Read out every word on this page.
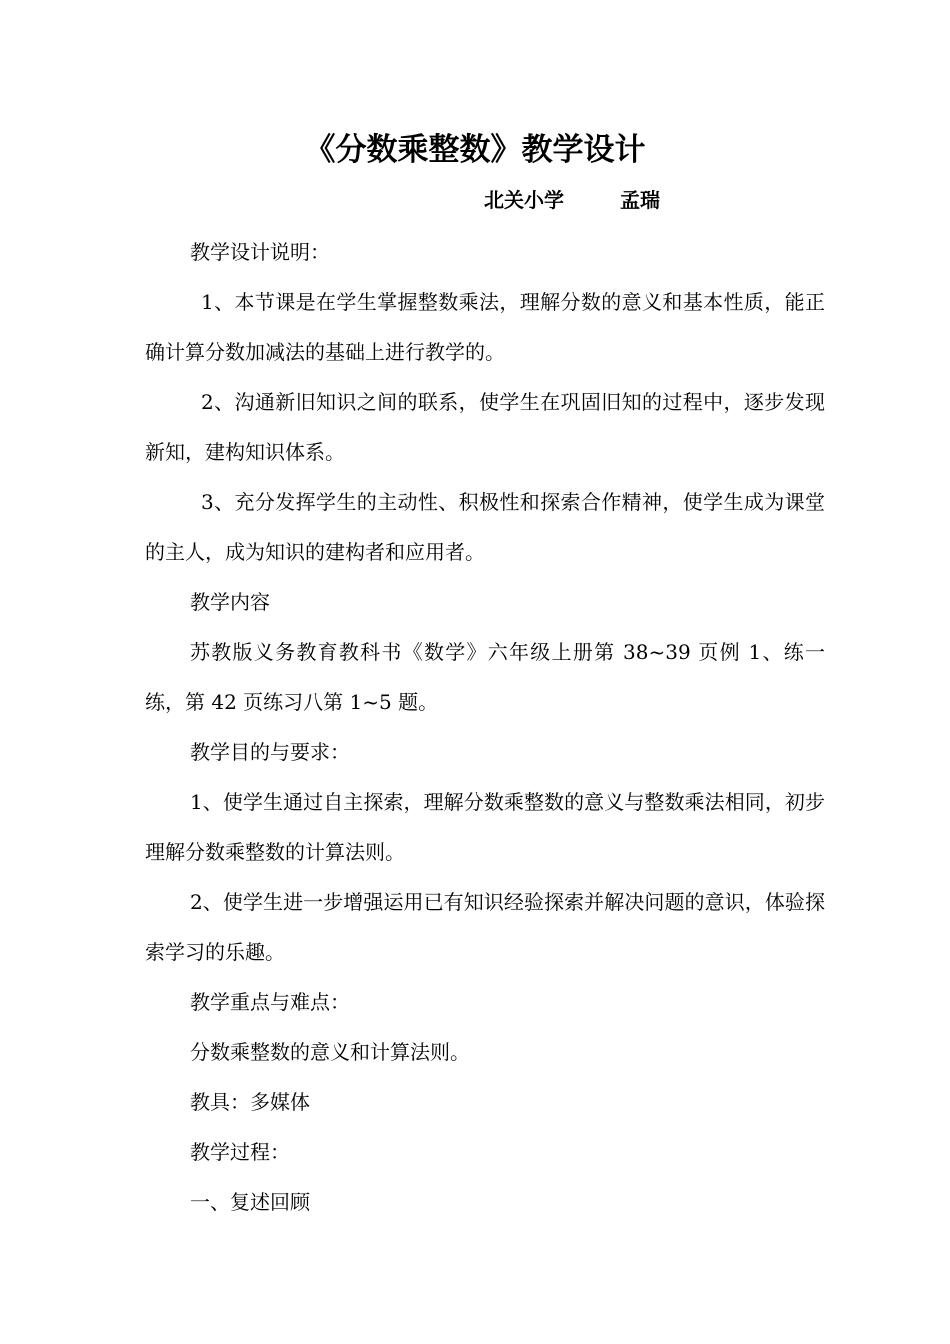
《分数乘整数》教学设计
北关小学	孟瑞

教学设计说明：

1、本节课是在学生掌握整数乘法，理解分数的意义和基本性质，能正确计算分数加减法的基础上进行教学的。

2、沟通新旧知识之间的联系，使学生在巩固旧知的过程中，逐步发现新知，建构知识体系。

3、充分发挥学生的主动性、积极性和探索合作精神，使学生成为课堂的主人，成为知识的建构者和应用者。

教学内容

苏教版义务教育教科书《数学》六年级上册第 38~39 页例 1、练一练，第 42 页练习八第 1~5 题。

教学目的与要求：

1、使学生通过自主探索，理解分数乘整数的意义与整数乘法相同，初步理解分数乘整数的计算法则。

2、使学生进一步增强运用已有知识经验探索并解决问题的意识，体验探索学习的乐趣。

教学重点与难点：

分数乘整数的意义和计算法则。

教具：多媒体

教学过程：

一、复述回顾
